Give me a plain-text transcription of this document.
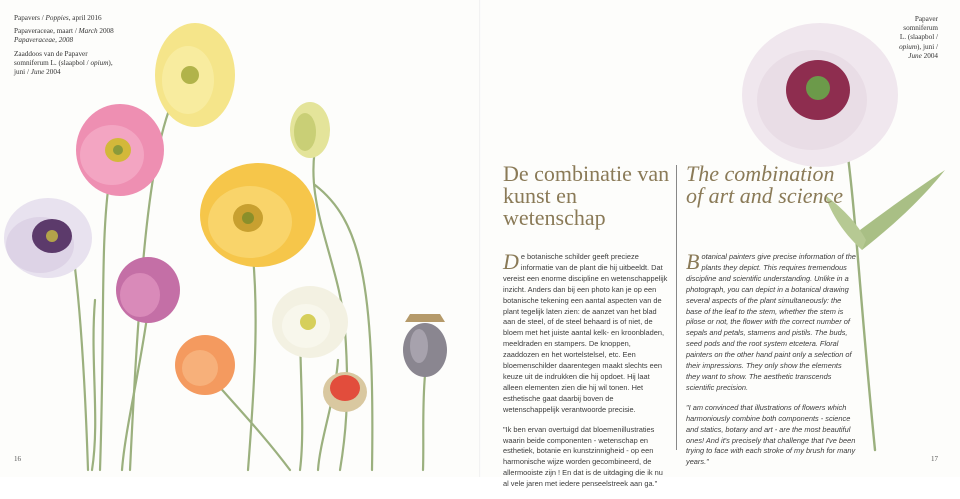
Papavers / Poppies, april 2016
Papaveraceae, maart / March 2008
Papaveraceae, 2008
Zaaddoos van de Papaver
somniferum L. (slaapbol / opium),
juni / June 2004
Papaver
somniferum
L. (slaapbol /
opium), juni /
June 2004
De combinatie van kunst en wetenschap
The combination of art and science

De botanische schilder geeft precieze informatie van de plant die hij uitbeeldt. Dat vereist een enorme discipline en wetenschappelijk inzicht. Anders dan bij een photo kan je op een botanische tekening een aantal aspecten van de plant tegelijk laten zien: de aanzet van het blad aan de steel, of de steel behaard is of niet, de bloem met het juiste aantal kelk- en kroonbladen, meeldraden en stampers. De knoppen, zaaddozen en het wortelstelsel, etc. Een bloemenschilder daarentegen maakt slechts een keuze uit de indrukken die hij opdoet. Hij laat alleen elementen zien die hij wil tonen. Het esthetische gaat daarbij boven de wetenschappelijk verantwoorde precisie.

"Ik ben ervan overtuigd dat bloemenillustraties waarin beide componenten - wetenschap en esthetiek, botanie en kunstzinnigheid - op een harmonische wijze worden gecombineerd, de allermooiste zijn ! En dat is de uitdaging die ik nu al vele jaren met iedere penseelstreek aan ga."

Botanical painters give precise information of the plants they depict. This requires tremendous discipline and scientific understanding. Unlike in a photograph, you can depict in a botanical drawing several aspects of the plant simultaneously: the base of the leaf to the stem, whether the stem is pilose or not, the flower with the correct number of sepals and petals, stamens and pistils. The buds, seed pods and the root system etcetera. Floral painters on the other hand paint only a selection of their impressions. They only show the elements they want to show. The aesthetic transcends scientific precision.

"I am convinced that illustrations of flowers which harmoniously combine both components - science and statics, botany and art - are the most beautiful ones! And it's precisely that challenge that I've been trying to face with each stroke of my brush for many years."

16	17
